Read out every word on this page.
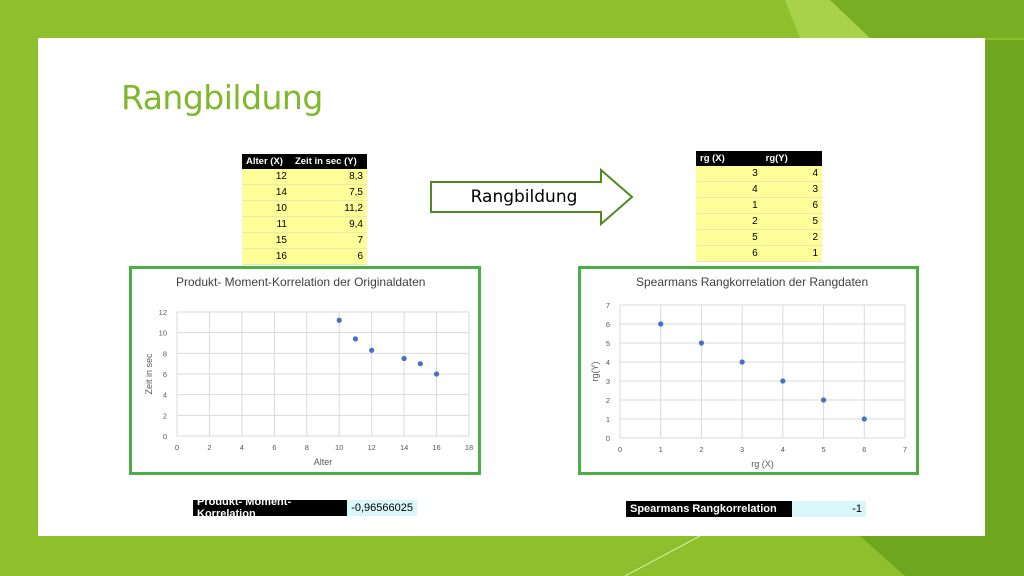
Rangbildung
Alter (X)	Zeit in sec (Y)
12	8,3
14	7,5
10	11,2
11	9,4
15	7
16	6
Rangbildung
rg (X)	rg(Y)
3	4
4	3
1	6
2	5
5	2
6	1
Produkt- Moment-Korrelation der Originaldaten
0	2	4	6	8	10	12	14	16	18
0
2
4
6
8
10
12
Alter
Zeit in sec
Spearmans Rangkorrelation der Rangdaten
0	1	2	3	4	5	6	7
0
1
2
3
4
5
6
7
rg (X)
rg(Y)
Produkt- Moment-Korrelation	-0,96566025	Spearmans Rangkorrelation	-1
